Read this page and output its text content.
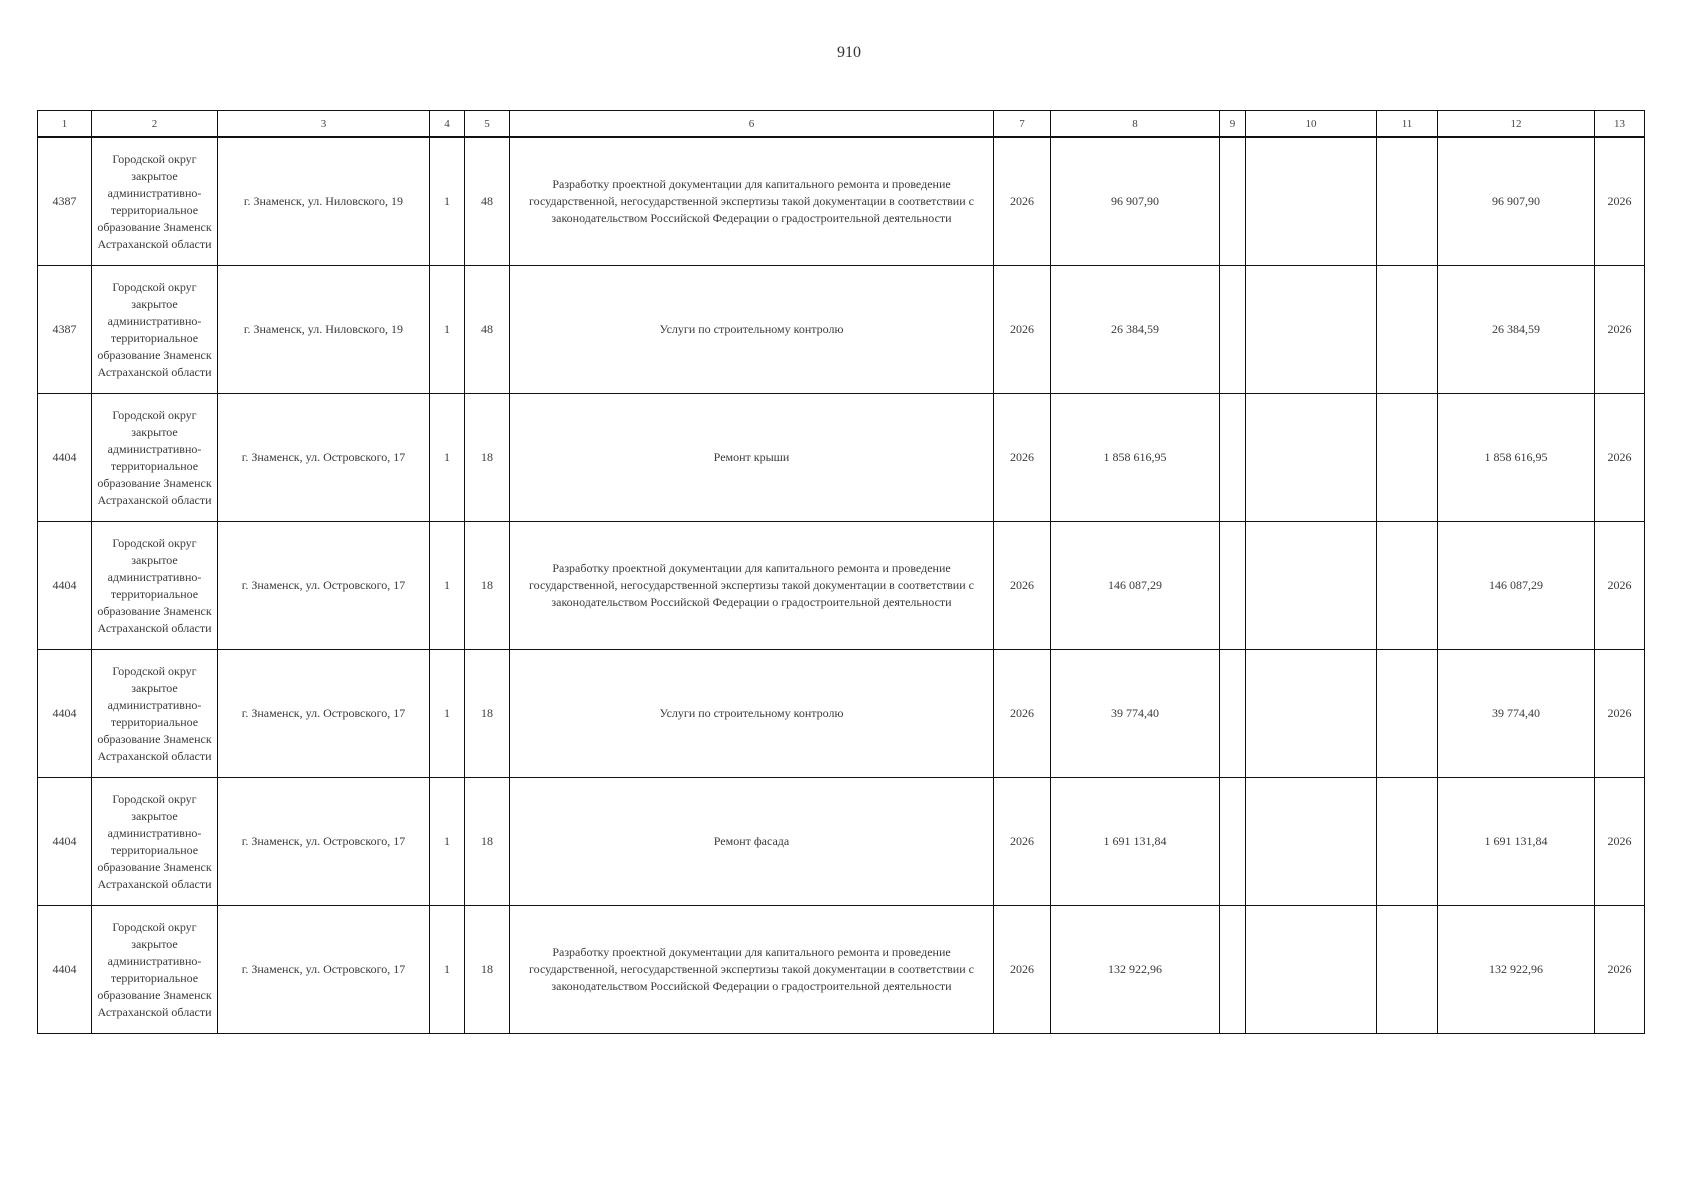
910
1	2	3	4	5	6	7	8	9	10	11	12	13
4387	Городской округ закрытое административно-территориальное образование Знаменск Астраханской области	г. Знаменск, ул. Ниловского, 19	1	48	Разработку проектной документации для капитального ремонта и проведение государственной, негосударственной экспертизы такой документации в соответствии с законодательством Российской Федерации о градостроительной деятельности	2026	96 907,90				96 907,90	2026
4387	Городской округ закрытое административно-территориальное образование Знаменск Астраханской области	г. Знаменск, ул. Ниловского, 19	1	48	Услуги по строительному контролю	2026	26 384,59				26 384,59	2026
4404	Городской округ закрытое административно-территориальное образование Знаменск Астраханской области	г. Знаменск, ул. Островского, 17	1	18	Ремонт крыши	2026	1 858 616,95				1 858 616,95	2026
4404	Городской округ закрытое административно-территориальное образование Знаменск Астраханской области	г. Знаменск, ул. Островского, 17	1	18	Разработку проектной документации для капитального ремонта и проведение государственной, негосударственной экспертизы такой документации в соответствии с законодательством Российской Федерации о градостроительной деятельности	2026	146 087,29				146 087,29	2026
4404	Городской округ закрытое административно-территориальное образование Знаменск Астраханской области	г. Знаменск, ул. Островского, 17	1	18	Услуги по строительному контролю	2026	39 774,40				39 774,40	2026
4404	Городской округ закрытое административно-территориальное образование Знаменск Астраханской области	г. Знаменск, ул. Островского, 17	1	18	Ремонт фасада	2026	1 691 131,84				1 691 131,84	2026
4404	Городской округ закрытое административно-территориальное образование Знаменск Астраханской области	г. Знаменск, ул. Островского, 17	1	18	Разработку проектной документации для капитального ремонта и проведение государственной, негосударственной экспертизы такой документации в соответствии с законодательством Российской Федерации о градостроительной деятельности	2026	132 922,96				132 922,96	2026
